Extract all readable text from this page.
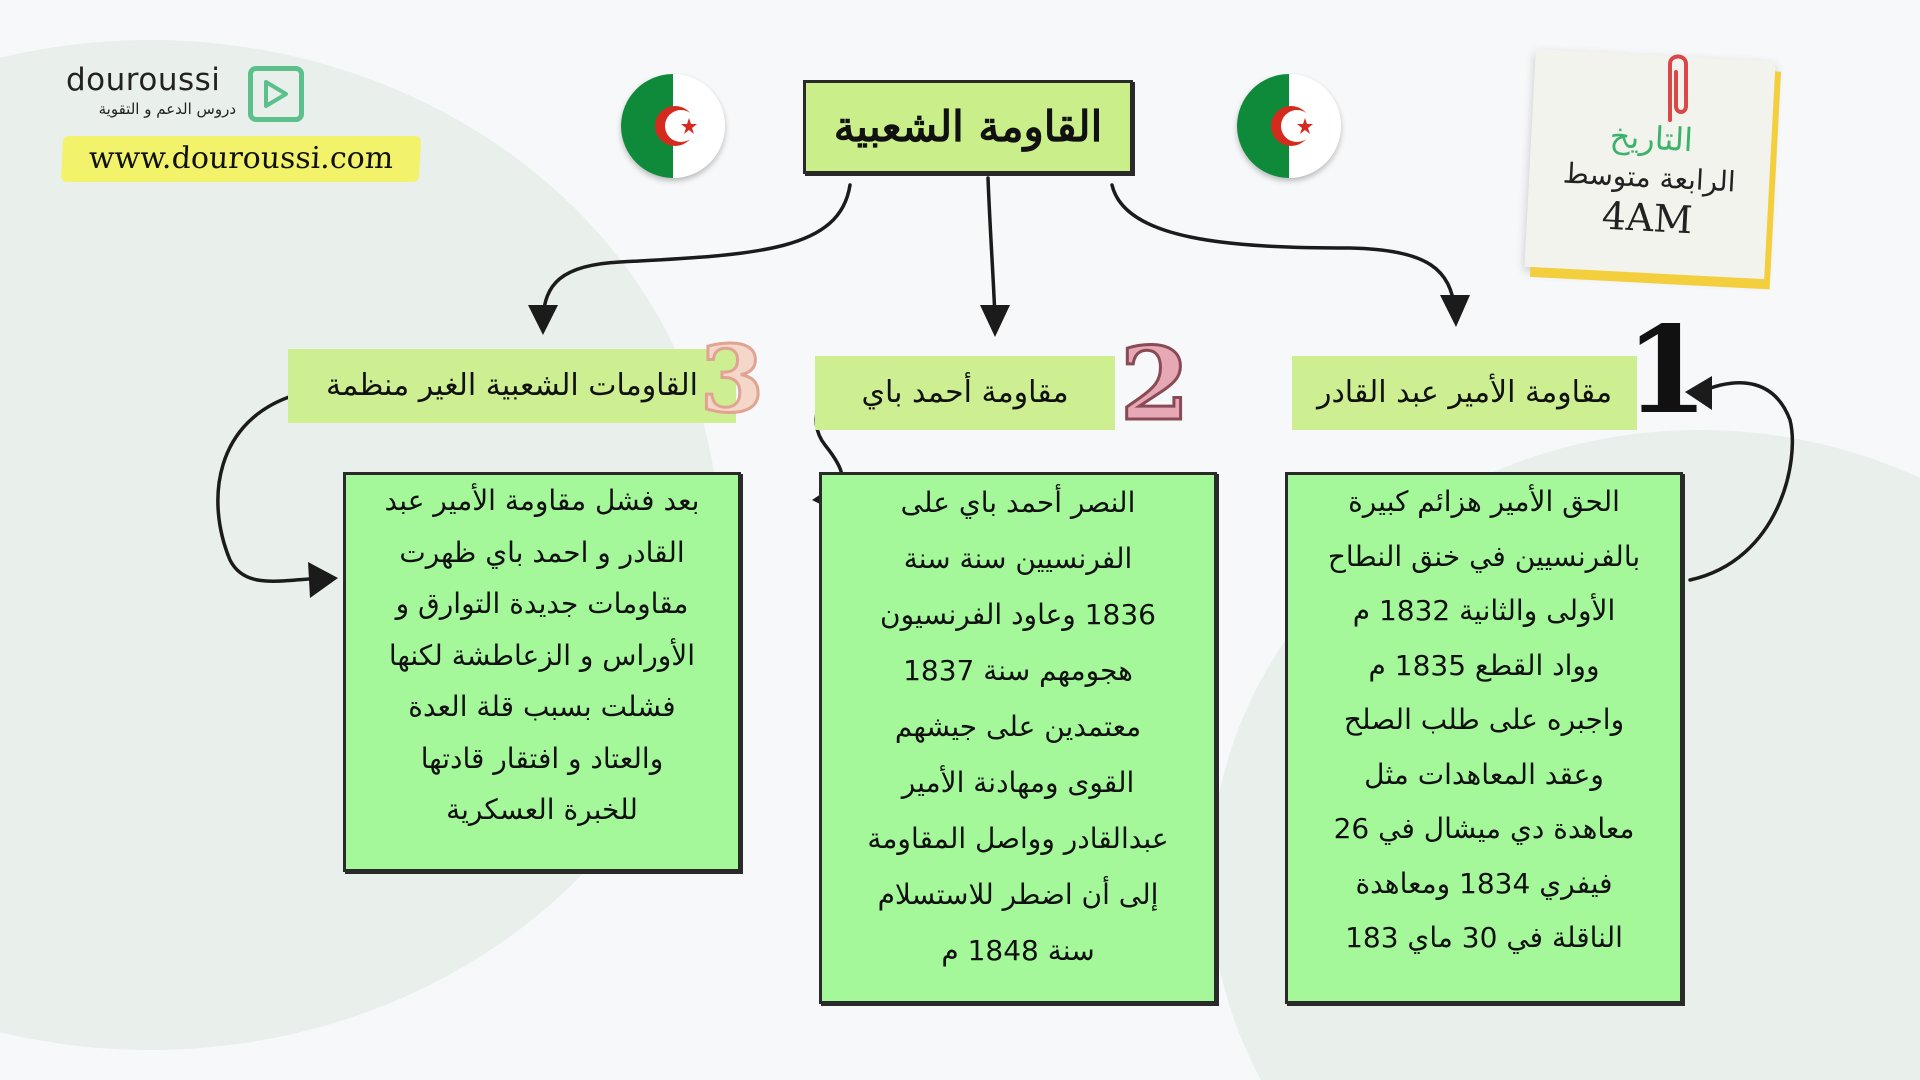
douroussi
دروس الدعم و التقوية
www.douroussi.com
القاومة الشعبية	التاريخ
الرابعة متوسط
4AM
مقاومة الأمير عبد القادر
مقاومة أحمد باي
القاومات الشعبية الغير منظمة	1
2
3
الحق الأمير هزائم كبيرة
بالفرنسيين في خنق النطاح
الأولى والثانية 1832 م
وواد القطع 1835 م
واجبره على طلب الصلح
وعقد المعاهدات مثل
معاهدة دي ميشال في 26
فيفري 1834 ومعاهدة
الناقلة في 30 ماي 183
النصر أحمد باي على
الفرنسيين سنة سنة
1836 وعاود الفرنسيون
هجومهم سنة 1837
معتمدين على جيشهم
القوى ومهادنة الأمير
عبدالقادر وواصل المقاومة
إلى أن اضطر للاستسلام
سنة 1848 م
بعد فشل مقاومة الأمير عبد
القادر و احمد باي ظهرت
مقاومات جديدة التوارق و
الأوراس و الزعاطشة لكنها
فشلت بسبب قلة العدة
والعتاد و افتقار قادتها
للخبرة العسكرية
